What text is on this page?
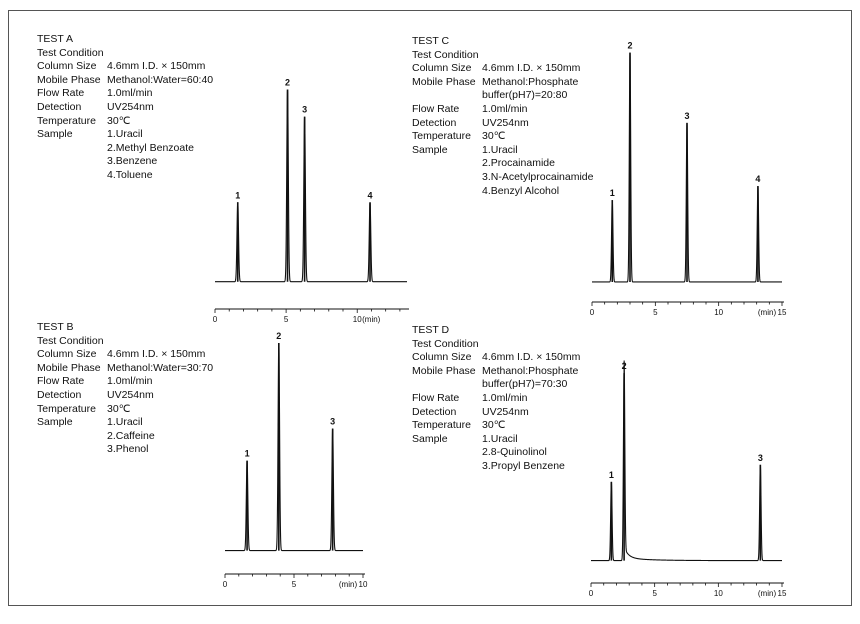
TEST A
Test Condition
Column Size 4.6mm I.D. × 150mm
Mobile Phase Methanol:Water=60:40
Flow Rate	1.0ml/min
Detection	UV254nm
Temperature	30℃
Sample	1.Uracil
2.Methyl Benzoate
3.Benzene
4.Toluene
1
2
3
4
0	5	10 (min)
TEST C
Test Condition
Column Size 4.6mm I.D. × 150mm
Mobile Phase Methanol:Phosphate
buffer(pH7)=20:80
Flow Rate	1.0ml/min
Detection	UV254nm
Temperature	30℃
Sample	1.Uracil
2.Procainamide
3.N-Acetylprocainamide
4.Benzyl Alcohol	1
2
3
4
0	5	10	15
(min)
TEST B
Test Condition
Column Size 4.6mm I.D. × 150mm
Mobile Phase Methanol:Water=30:70
Flow Rate	1.0ml/min
Detection	UV254nm
Temperature	30℃
Sample	1.Uracil
2.Caffeine
3.Phenol	1
2
3
0	5	10
(min)
TEST D
Test Condition
Column Size 4.6mm I.D. × 150mm
Mobile Phase Methanol:Phosphate
buffer(pH7)=70:30
Flow Rate	1.0ml/min
Detection	UV254nm
Temperature	30℃
Sample	1.Uracil
2.8-Quinolinol
3.Propyl Benzene
1
2
3
0	5	10	15
(min)
